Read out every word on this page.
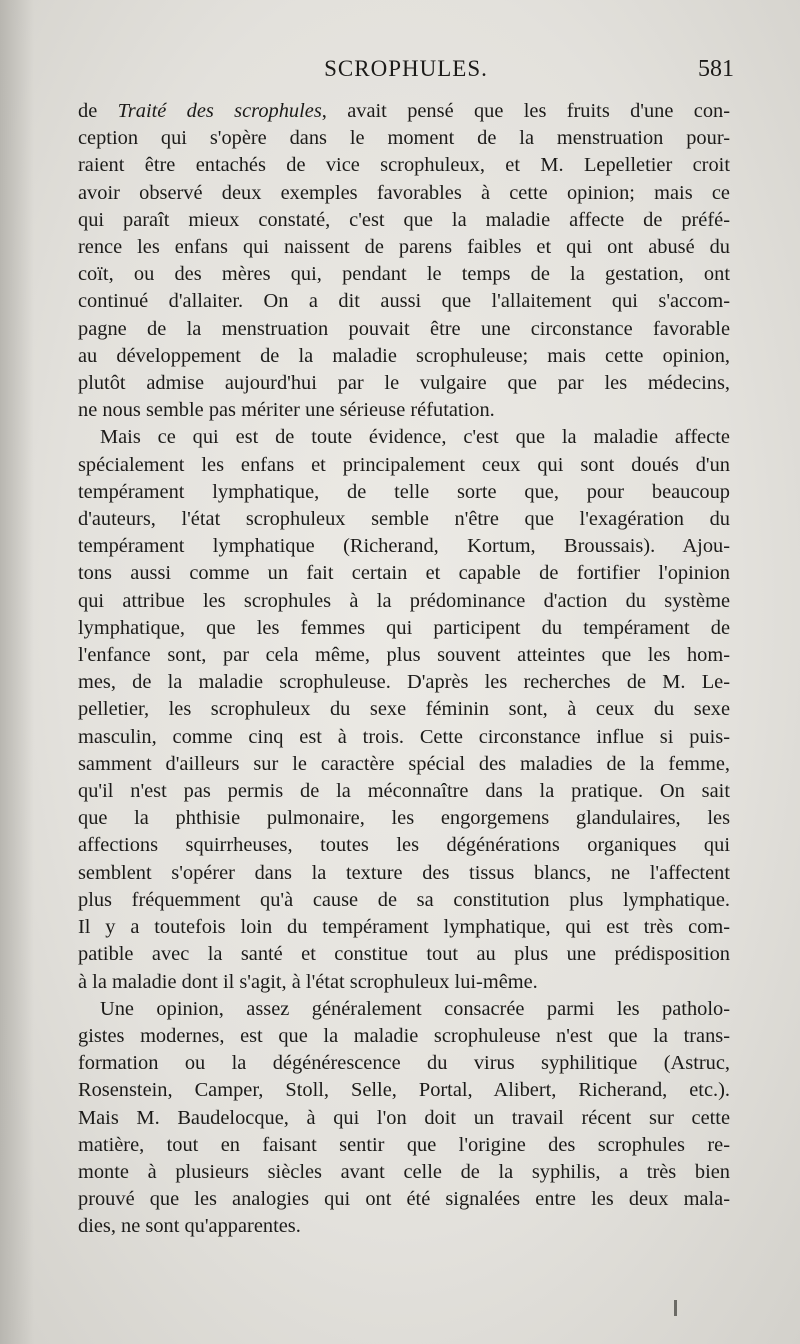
SCROPHULES.	581
de Traité des scrophules, avait pensé que les fruits d'une con-
ception qui s'opère dans le moment de la menstruation pour-
raient être entachés de vice scrophuleux, et M. Lepelletier croit
avoir observé deux exemples favorables à cette opinion; mais ce
qui paraît mieux constaté, c'est que la maladie affecte de préfé-
rence les enfans qui naissent de parens faibles et qui ont abusé du
coït, ou des mères qui, pendant le temps de la gestation, ont
continué d'allaiter. On a dit aussi que l'allaitement qui s'accom-
pagne de la menstruation pouvait être une circonstance favorable
au développement de la maladie scrophuleuse; mais cette opinion,
plutôt admise aujourd'hui par le vulgaire que par les médecins,
ne nous semble pas mériter une sérieuse réfutation.
Mais ce qui est de toute évidence, c'est que la maladie affecte
spécialement les enfans et principalement ceux qui sont doués d'un
tempérament lymphatique, de telle sorte que, pour beaucoup
d'auteurs, l'état scrophuleux semble n'être que l'exagération du
tempérament lymphatique (Richerand, Kortum, Broussais). Ajou-
tons aussi comme un fait certain et capable de fortifier l'opinion
qui attribue les scrophules à la prédominance d'action du système
lymphatique, que les femmes qui participent du tempérament de
l'enfance sont, par cela même, plus souvent atteintes que les hom-
mes, de la maladie scrophuleuse. D'après les recherches de M. Le-
pelletier, les scrophuleux du sexe féminin sont, à ceux du sexe
masculin, comme cinq est à trois. Cette circonstance influe si puis-
samment d'ailleurs sur le caractère spécial des maladies de la femme,
qu'il n'est pas permis de la méconnaître dans la pratique. On sait
que la phthisie pulmonaire, les engorgemens glandulaires, les
affections squirrheuses, toutes les dégénérations organiques qui
semblent s'opérer dans la texture des tissus blancs, ne l'affectent
plus fréquemment qu'à cause de sa constitution plus lymphatique.
Il y a toutefois loin du tempérament lymphatique, qui est très com-
patible avec la santé et constitue tout au plus une prédisposition
à la maladie dont il s'agit, à l'état scrophuleux lui-même.
Une opinion, assez généralement consacrée parmi les patholo-
gistes modernes, est que la maladie scrophuleuse n'est que la trans-
formation ou la dégénérescence du virus syphilitique (Astruc,
Rosenstein, Camper, Stoll, Selle, Portal, Alibert, Richerand, etc.).
Mais M. Baudelocque, à qui l'on doit un travail récent sur cette
matière, tout en faisant sentir que l'origine des scrophules re-
monte à plusieurs siècles avant celle de la syphilis, a très bien
prouvé que les analogies qui ont été signalées entre les deux mala-
dies, ne sont qu'apparentes.
